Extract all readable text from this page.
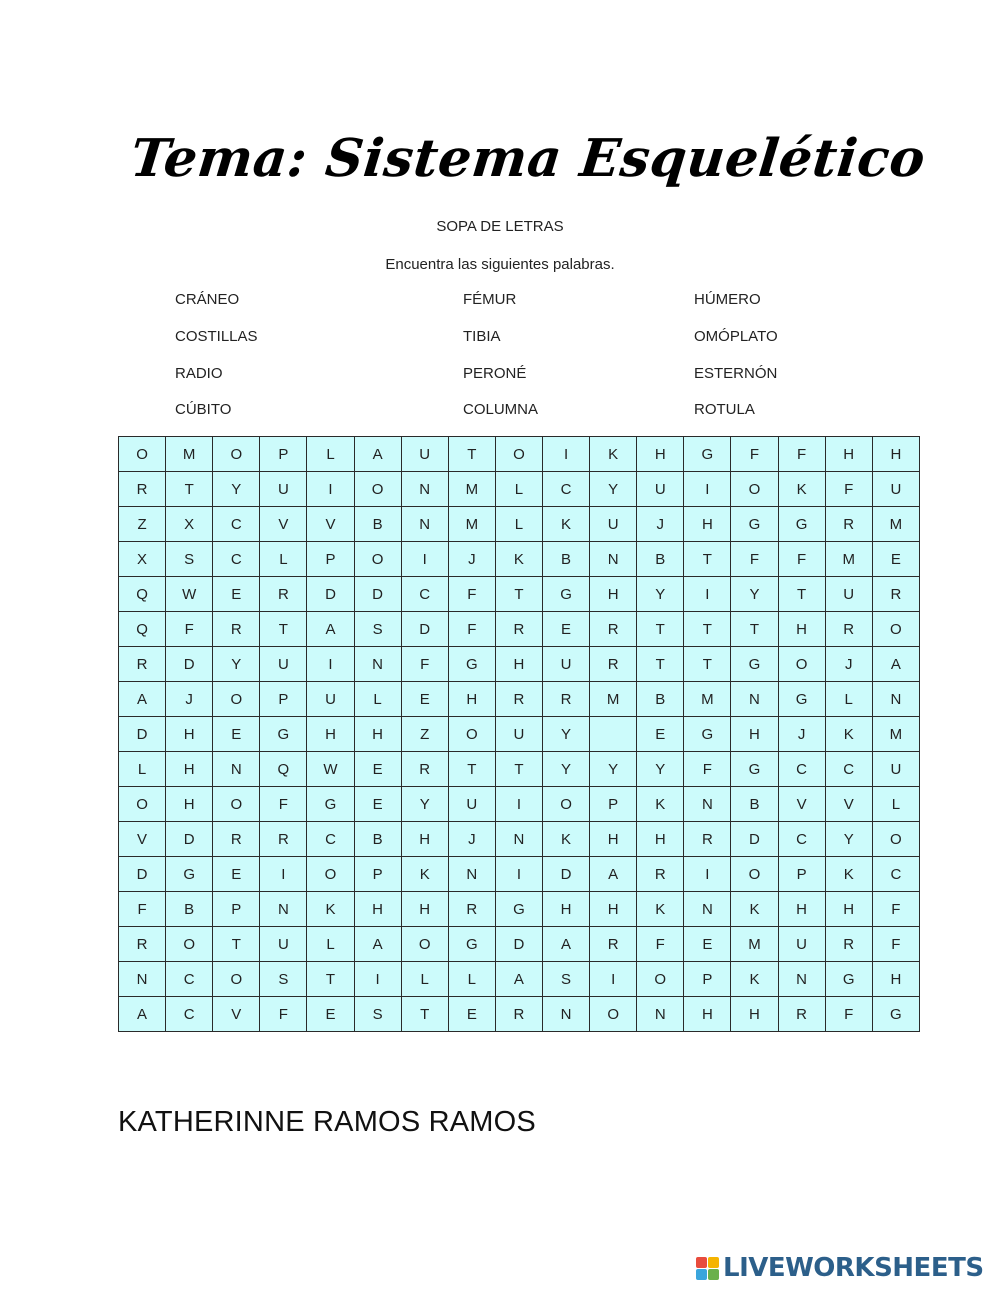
Tema: Sistema Esquelético
SOPA DE LETRAS
Encuentra las siguientes palabras.
CRÁNEO
COSTILLAS
RADIO
CÚBITO
FÉMUR
TIBIA
PERONÉ
COLUMNA
HÚMERO
OMÓPLATO
ESTERNÓN
ROTULA
O	M	O	P	L	A	U	T	O	I	K	H	G	F	F	H	H
R	T	Y	U	I	O	N	M	L	C	Y	U	I	O	K	F	U
Z	X	C	V	V	B	N	M	L	K	U	J	H	G	G	R	M
X	S	C	L	P	O	I	J	K	B	N	B	T	F	F	M	E
Q	W	E	R	D	D	C	F	T	G	H	Y	I	Y	T	U	R
Q	F	R	T	A	S	D	F	R	E	R	T	T	T	H	R	O
R	D	Y	U	I	N	F	G	H	U	R	T	T	G	O	J	A
A	J	O	P	U	L	E	H	R	R	M	B	M	N	G	L	N
D	H	E	G	H	H	Z	O	U	Y		E	G	H	J	K	M
L	H	N	Q	W	E	R	T	T	Y	Y	Y	F	G	C	C	U
O	H	O	F	G	E	Y	U	I	O	P	K	N	B	V	V	L
V	D	R	R	C	B	H	J	N	K	H	H	R	D	C	Y	O
D	G	E	I	O	P	K	N	I	D	A	R	I	O	P	K	C
F	B	P	N	K	H	H	R	G	H	H	K	N	K	H	H	F
R	O	T	U	L	A	O	G	D	A	R	F	E	M	U	R	F
N	C	O	S	T	I	L	L	A	S	I	O	P	K	N	G	H
A	C	V	F	E	S	T	E	R	N	O	N	H	H	R	F	G
KATHERINNE RAMOS RAMOS
LIVEWORKSHEETS
